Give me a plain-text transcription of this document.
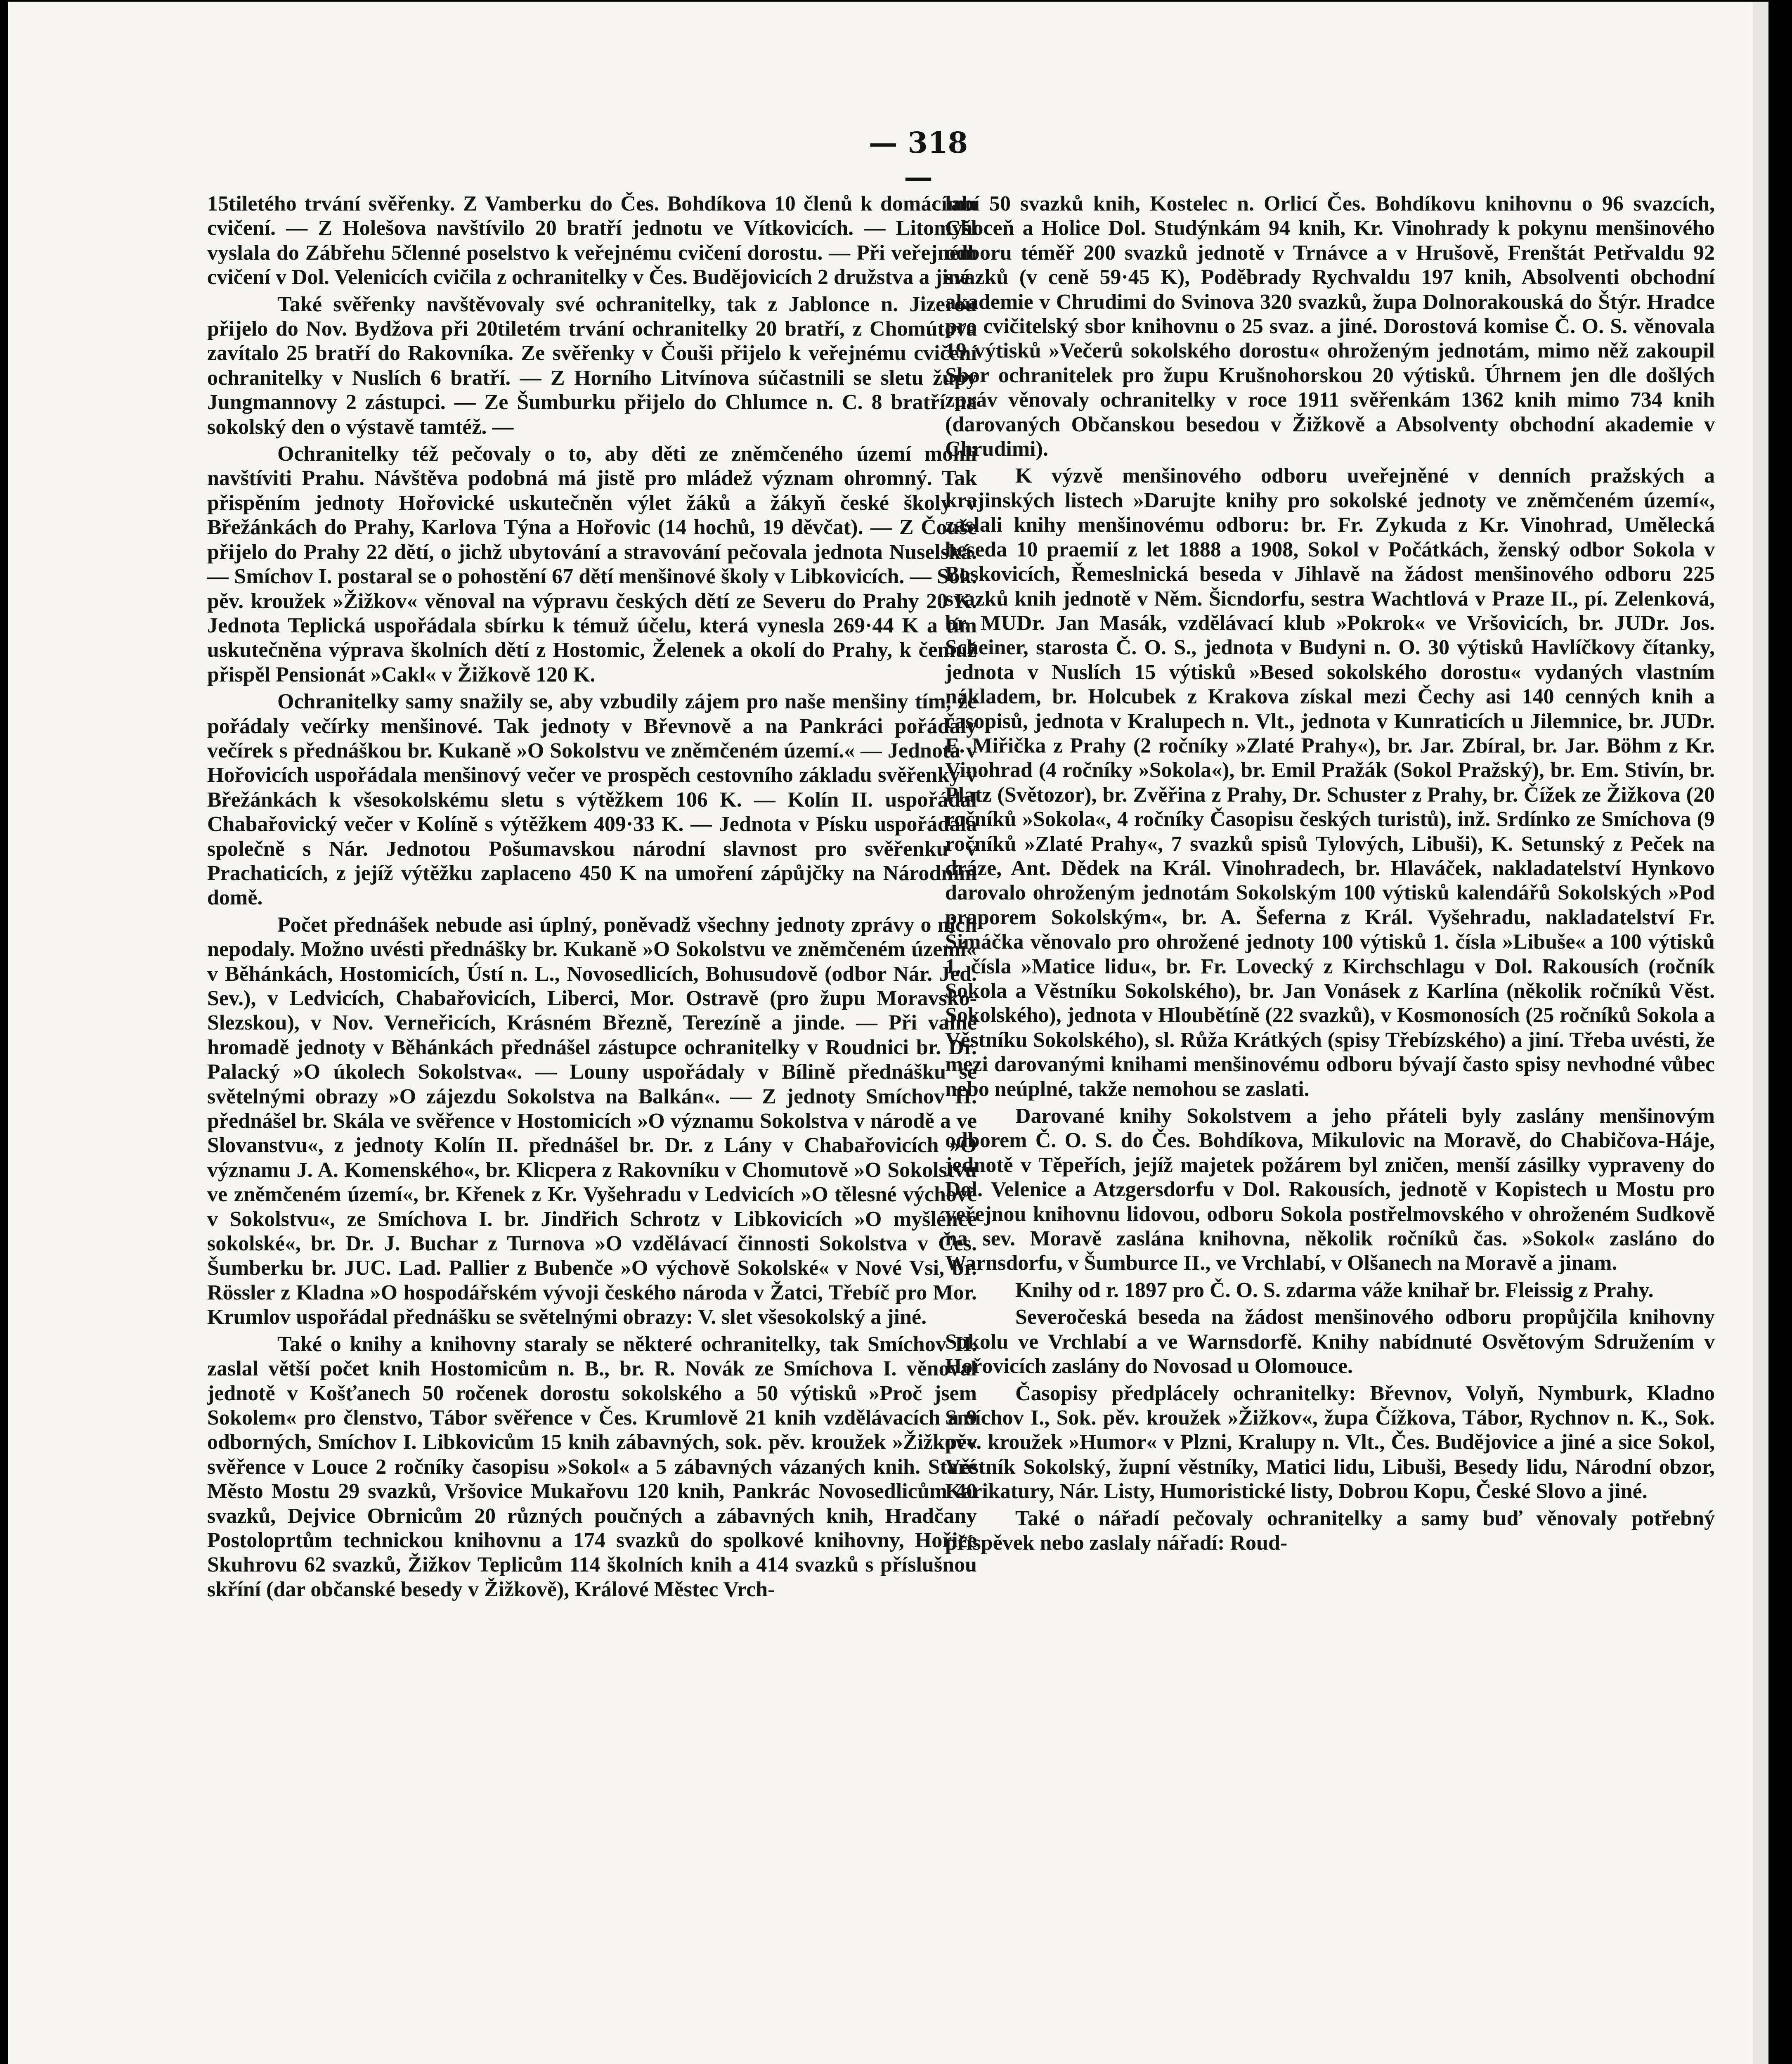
— 318 —

15tiletého trvání svěřenky. Z Vamberku do Čes. Bohdíkova 10 členů k domácímu cvičení. — Z Holešova navštívilo 20 bratří jednotu ve Vítkovicích. — Litomyšl vyslala do Zábřehu 5členné poselstvo k veřejnému cvičení dorostu. — Při veřejném cvičení v Dol. Velenicích cvičila z ochranitelky v Čes. Budějovicích 2 družstva a jiné.

Také svěřenky navštěvovaly své ochranitelky, tak z Jablonce n. Jizerou přijelo do Nov. Bydžova při 20tiletém trvání ochranitelky 20 bratří, z Chomútova zavítalo 25 bratří do Rakovníka. Ze svěřenky v Čouši přijelo k veřejnému cvičení ochranitelky v Nuslích 6 bratří. — Z Horního Litvínova súčastnili se sletu župy Jungmannovy 2 zástupci. — Ze Šumburku přijelo do Chlumce n. C. 8 bratří na sokolský den o výstavě tamtéž. —

Ochranitelky též pečovaly o to, aby děti ze zněmčeného území mohli navštíviti Prahu. Návštěva podobná má jistě pro mládež význam ohromný. Tak přispěním jednoty Hořovické uskutečněn výlet žáků a žákyň české školy v Břežánkách do Prahy, Karlova Týna a Hořovic (14 hochů, 19 děvčat). — Z Čouše přijelo do Prahy 22 dětí, o jichž ubytování a stravování pečovala jednota Nuselská. — Smíchov I. postaral se o pohostění 67 dětí menšinové školy v Libkovicích. — Sok. pěv. kroužek »Žižkov« věnoval na výpravu českých dětí ze Severu do Prahy 20 K. Jednota Teplická uspořádala sbírku k témuž účelu, která vynesla 269·44 K a tím uskutečněna výprava školních dětí z Hostomic, Želenek a okolí do Prahy, k čemuž přispěl Pensionát »Cakl« v Žižkově 120 K.

Ochranitelky samy snažily se, aby vzbudily zájem pro naše menšiny tím, že pořádaly večírky menšinové. Tak jednoty v Břevnově a na Pankráci pořádaly večírek s přednáškou br. Kukaně »O Sokolstvu ve zněmčeném území.« — Jednota v Hořovicích uspořádala menšinový večer ve prospěch cestovního základu svěřenky v Břežánkách k všesokolskému sletu s výtěžkem 106 K. — Kolín II. uspořádal Chabařovický večer v Kolíně s výtěžkem 409·33 K. — Jednota v Písku uspořádala společně s Nár. Jednotou Pošumavskou národní slavnost pro svěřenku v Prachaticích, z jejíž výtěžku zaplaceno 450 K na umoření zápůjčky na Národním domě.

Počet přednášek nebude asi úplný, poněvadž všechny jednoty zprávy o nich nepodaly. Možno uvésti přednášky br. Kukaně »O Sokolstvu ve zněmčeném území« v Běhánkách, Hostomicích, Ústí n. L., Novosedlicích, Bohusudově (odbor Nár. Jed. Sev.), v Ledvicích, Chabařovicích, Liberci, Mor. Ostravě (pro župu Moravsko-Slezskou), v Nov. Verneřicích, Krásném Březně, Terezíně a jinde. — Při valné hromadě jednoty v Běhánkách přednášel zástupce ochranitelky v Roudnici br. Dr. Palacký »O úkolech Sokolstva«. — Louny uspořádaly v Bílině přednášku se světelnými obrazy »O zájezdu Sokolstva na Balkán«. — Z jednoty Smíchov II. přednášel br. Skála ve svěřence v Hostomicích »O významu Sokolstva v národě a ve Slovanstvu«, z jednoty Kolín II. přednášel br. Dr. z Lány v Chabařovicích »O významu J. A. Komenského«, br. Klicpera z Rakovníku v Chomutově »O Sokolstvu ve zněmčeném území«, br. Křenek z Kr. Vyšehradu v Ledvicích »O tělesné výchově v Sokolstvu«, ze Smíchova I. br. Jindřich Schrotz v Libkovicích »O myšlénce sokolské«, br. Dr. J. Buchar z Turnova »O vzdělávací činnosti Sokolstva v Čes. Šumberku br. JUC. Lad. Pallier z Bubenče »O výchově Sokolské« v Nové Vsi, br. Rössler z Kladna »O hospodářském vývoji českého národa v Žatci, Třebíč pro Mor. Krumlov uspořádal přednášku se světelnými obrazy: V. slet všesokolský a jiné.

Také o knihy a knihovny staraly se některé ochranitelky, tak Smíchov II. zaslal větší počet knih Hostomicům n. B., br. R. Novák ze Smíchova I. věnoval jednotě v Košťanech 50 ročenek dorostu sokolského a 50 výtisků »Proč jsem Sokolem« pro členstvo, Tábor svěřence v Čes. Krumlově 21 knih vzdělávacích a 9 odborných, Smíchov I. Libkovicům 15 knih zábavných, sok. pěv. kroužek »Žižkov« svěřence v Louce 2 ročníky časopisu »Sokol« a 5 zábavných vázaných knih. Staré Město Mostu 29 svazků, Vršovice Mukařovu 120 knih, Pankrác Novosedlicům 40 svazků, Dejvice Obrnicům 20 různých poučných a zábavných knih, Hradčany Postoloprtům technickou knihovnu a 174 svazků do spolkové knihovny, Hořice Skuhrovu 62 svazků, Žižkov Teplicům 114 školních knih a 414 svazků s příslušnou skříní (dar občanské besedy v Žižkově), Králové Městec Vrch-

labí 50 svazků knih, Kostelec n. Orlicí Čes. Bohdíkovu knihovnu o 96 svazcích, Choceň a Holice Dol. Studýnkám 94 knih, Kr. Vinohrady k pokynu menšinového odboru téměř 200 svazků jednotě v Trnávce a v Hrušově, Frenštát Petřvaldu 92 svazků (v ceně 59·45 K), Poděbrady Rychvaldu 197 knih, Absolventi obchodní akademie v Chrudimi do Svinova 320 svazků, župa Dolnorakouská do Štýr. Hradce pro cvičitelský sbor knihovnu o 25 svaz. a jiné. Dorostová komise Č. O. S. věnovala 19 výtisků »Večerů sokolského dorostu« ohroženým jednotám, mimo něž zakoupil Sbor ochranitelek pro župu Krušnohorskou 20 výtisků. Úhrnem jen dle došlých zpráv věnovaly ochranitelky v roce 1911 svěřenkám 1362 knih mimo 734 knih (darovaných Občanskou besedou v Žižkově a Absolventy obchodní akademie v Chrudimi).

K výzvě menšinového odboru uveřejněné v denních pražských a krajinských listech »Darujte knihy pro sokolské jednoty ve zněmčeném území«, zaslali knihy menšinovému odboru: br. Fr. Zykuda z Kr. Vinohrad, Umělecká beseda 10 praemií z let 1888 a 1908, Sokol v Počátkách, ženský odbor Sokola v Boskovicích, Řemeslnická beseda v Jihlavě na žádost menšinového odboru 225 svazků knih jednotě v Něm. Šicndorfu, sestra Wachtlová v Praze II., pí. Zelenková, br. MUDr. Jan Masák, vzdělávací klub »Pokrok« ve Vršovicích, br. JUDr. Jos. Scheiner, starosta Č. O. S., jednota v Budyni n. O. 30 výtisků Havlíčkovy čítanky, jednota v Nuslích 15 výtisků »Besed sokolského dorostu« vydaných vlastním nákladem, br. Holcubek z Krakova získal mezi Čechy asi 140 cenných knih a časopisů, jednota v Kralupech n. Vlt., jednota v Kunraticích u Jilemnice, br. JUDr. E. Miřička z Prahy (2 ročníky »Zlaté Prahy«), br. Jar. Zbíral, br. Jar. Böhm z Kr. Vinohrad (4 ročníky »Sokola«), br. Emil Pražák (Sokol Pražský), br. Em. Stivín, br. Platz (Světozor), br. Zvěřina z Prahy, Dr. Schuster z Prahy, br. Čížek ze Žižkova (20 ročníků »Sokola«, 4 ročníky Časopisu českých turistů), inž. Srdínko ze Smíchova (9 ročníků »Zlaté Prahy«, 7 svazků spisů Tylových, Libuši), K. Setunský z Peček na dráze, Ant. Dědek na Král. Vinohradech, br. Hlaváček, nakladatelství Hynkovo darovalo ohroženým jednotám Sokolským 100 výtisků kalendářů Sokolských »Pod praporem Sokolským«, br. A. Šeferna z Král. Vyšehradu, nakladatelství Fr. Šimáčka věnovalo pro ohrožené jednoty 100 výtisků 1. čísla »Libuše« a 100 výtisků 1. čísla »Matice lidu«, br. Fr. Lovecký z Kirchschlagu v Dol. Rakousích (ročník Sokola a Věstníku Sokolského), br. Jan Vonásek z Karlína (několik ročníků Věst. Sokolského), jednota v Hloubětíně (22 svazků), v Kosmonosích (25 ročníků Sokola a Věstníku Sokolského), sl. Růža Krátkých (spisy Třebízského) a jiní. Třeba uvésti, že mezi darovanými knihami menšinovému odboru bývají často spisy nevhodné vůbec nebo neúplné, takže nemohou se zaslati.

Darované knihy Sokolstvem a jeho přáteli byly zaslány menšinovým odborem Č. O. S. do Čes. Bohdíkova, Mikulovic na Moravě, do Chabičova-Háje, jednotě v Těpeřích, jejíž majetek požárem byl zničen, menší zásilky vypraveny do Dol. Velenice a Atzgersdorfu v Dol. Rakousích, jednotě v Kopistech u Mostu pro veřejnou knihovnu lidovou, odboru Sokola postřelmovského v ohroženém Sudkově na sev. Moravě zaslána knihovna, několik ročníků čas. »Sokol« zasláno do Warnsdorfu, v Šumburce II., ve Vrchlabí, v Olšanech na Moravě a jinam.

Knihy od r. 1897 pro Č. O. S. zdarma váže knihař br. Fleissig z Prahy.

Severočeská beseda na žádost menšinového odboru propůjčila knihovny Sokolu ve Vrchlabí a ve Warnsdorfě. Knihy nabídnuté Osvětovým Sdružením v Hořovicích zaslány do Novosad u Olomouce.

Časopisy předplácely ochranitelky: Břevnov, Volyň, Nymburk, Kladno Smíchov I., Sok. pěv. kroužek »Žižkov«, župa Čížkova, Tábor, Rychnov n. K., Sok. pěv. kroužek »Humor« v Plzni, Kralupy n. Vlt., Čes. Budějovice a jiné a sice Sokol, Věstník Sokolský, župní věstníky, Matici lidu, Libuši, Besedy lidu, Národní obzor, Karikatury, Nár. Listy, Humoristické listy, Dobrou Kopu, České Slovo a jiné.

Také o nářadí pečovaly ochranitelky a samy buď věnovaly potřebný příspěvek nebo zaslaly nářadí: Roud-
